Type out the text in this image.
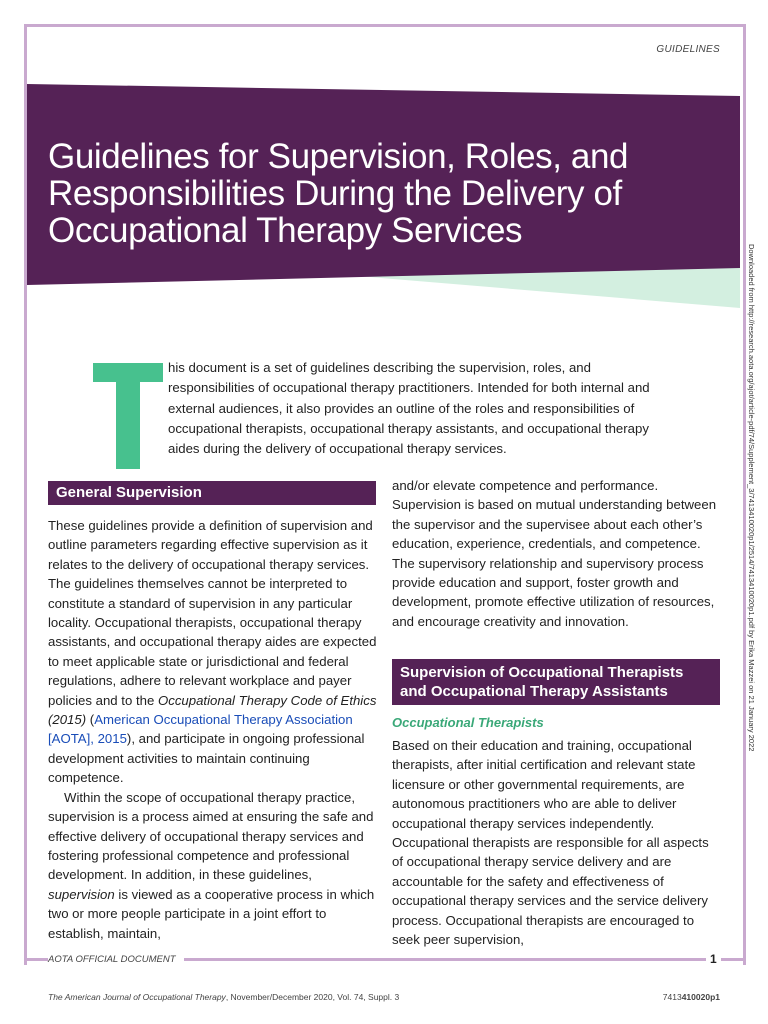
GUIDELINES
Guidelines for Supervision, Roles, and Responsibilities During the Delivery of Occupational Therapy Services
Downloaded from http://research.aota.org/ajot/article-pdf/74/Supplement_3/7413410020p1/2514/7413410020p1.pdf by Erika Mazzei on 21 January 2022

his document is a set of guidelines describing the supervision, roles, and responsibilities of occupational therapy practitioners. Intended for both internal and external audiences, it also provides an outline of the roles and responsibilities of occupational therapists, occupational therapy assistants, and occupational therapy aides during the delivery of occupational therapy services.

General Supervision

These guidelines provide a definition of supervision and outline parameters regarding effective supervision as it relates to the delivery of occupational therapy services. The guidelines themselves cannot be interpreted to constitute a standard of supervision in any particular locality. Occupational therapists, occupational therapy assistants, and occupational therapy aides are expected to meet applicable state or jurisdictional and federal regulations, adhere to relevant workplace and payer policies and to the Occupational Therapy Code of Ethics (2015) (American Occupational Therapy Association [AOTA], 2015), and participate in ongoing professional development activities to maintain continuing competence.

Within the scope of occupational therapy practice, supervision is a process aimed at ensuring the safe and effective delivery of occupational therapy services and fostering professional competence and professional development. In addition, in these guidelines, supervision is viewed as a cooperative process in which two or more people participate in a joint effort to establish, maintain,

and/or elevate competence and performance. Supervision is based on mutual understanding between the supervisor and the supervisee about each other’s education, experience, credentials, and competence. The supervisory relationship and supervisory process provide education and support, foster growth and development, promote effective utilization of resources, and encourage creativity and innovation.

Supervision of Occupational Therapists and Occupational Therapy Assistants
Occupational Therapists

Based on their education and training, occupational therapists, after initial certification and relevant state licensure or other governmental requirements, are autonomous practitioners who are able to deliver occupational therapy services independently. Occupational therapists are responsible for all aspects of occupational therapy service delivery and are accountable for the safety and effectiveness of occupational therapy services and the service delivery process. Occupational therapists are encouraged to seek peer supervision,

AOTA OFFICIAL DOCUMENT	1
The American Journal of Occupational Therapy, November/December 2020, Vol. 74, Suppl. 3	7413410020p1
